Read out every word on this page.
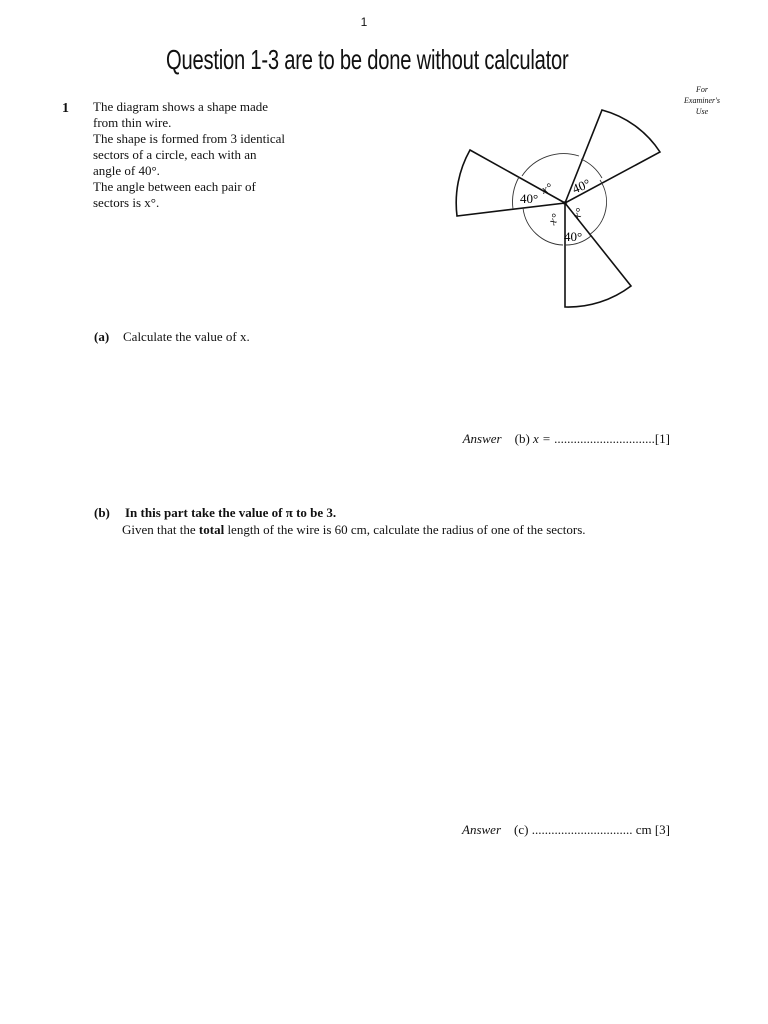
1
Question 1-3 are to be done without calculator
For
Examiner's
Use
1 The diagram shows a shape made
from thin wire.
The shape is formed from 3 identical
sectors of a circle, each with an
angle of 40°.
The angle between each pair of
sectors is x°.	40°
40°
40°
x°
x°
x°
(a) Calculate the value of x.
Answer (b) x = ...............................[1]
(b) In this part take the value of π to be 3.
Given that the total length of the wire is 60 cm, calculate the radius of one of the sectors.
Answer (c) ............................... cm [3]
